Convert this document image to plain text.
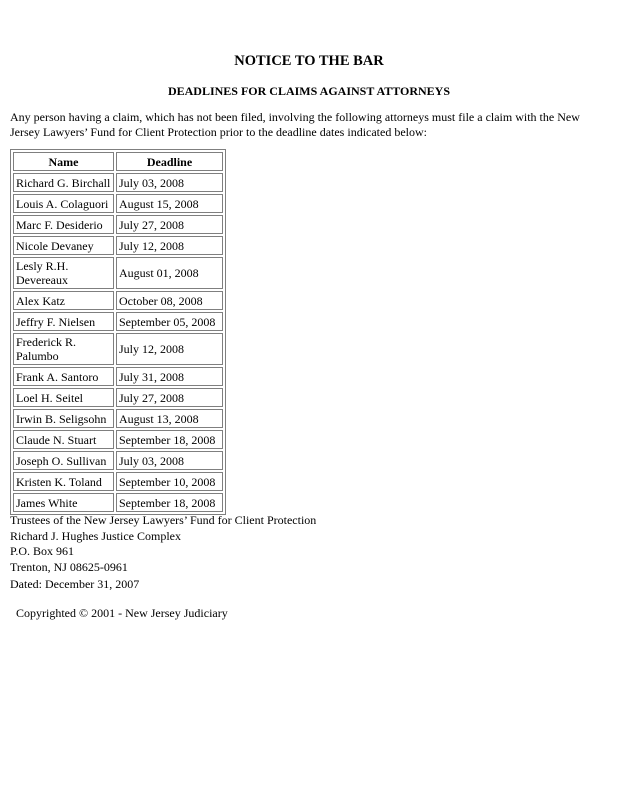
NOTICE TO THE BAR
DEADLINES FOR CLAIMS AGAINST ATTORNEYS
Any person having a claim, which has not been filed, involving the following attorneys must file a claim with the New Jersey Lawyers’ Fund for Client Protection prior to the deadline dates indicated below:
Name	Deadline
Richard G. Birchall	July 03, 2008
Louis A. Colaguori	August 15, 2008
Marc F. Desiderio	July 27, 2008
Nicole Devaney	July 12, 2008
Lesly R.H. Devereaux	August 01, 2008
Alex Katz	October 08, 2008
Jeffry F. Nielsen	September 05, 2008
Frederick R. Palumbo	July 12, 2008
Frank A. Santoro	July 31, 2008
Loel H. Seitel	July 27, 2008
Irwin B. Seligsohn	August 13, 2008
Claude N. Stuart	September 18, 2008
Joseph O. Sullivan	July 03, 2008
Kristen K. Toland	September 10, 2008
James White	September 18, 2008
Trustees of the New Jersey Lawyers’ Fund for Client Protection
Richard J. Hughes Justice Complex
P.O. Box 961
Trenton, NJ 08625-0961
Dated: December 31, 2007
Copyrighted © 2001 - New Jersey Judiciary
